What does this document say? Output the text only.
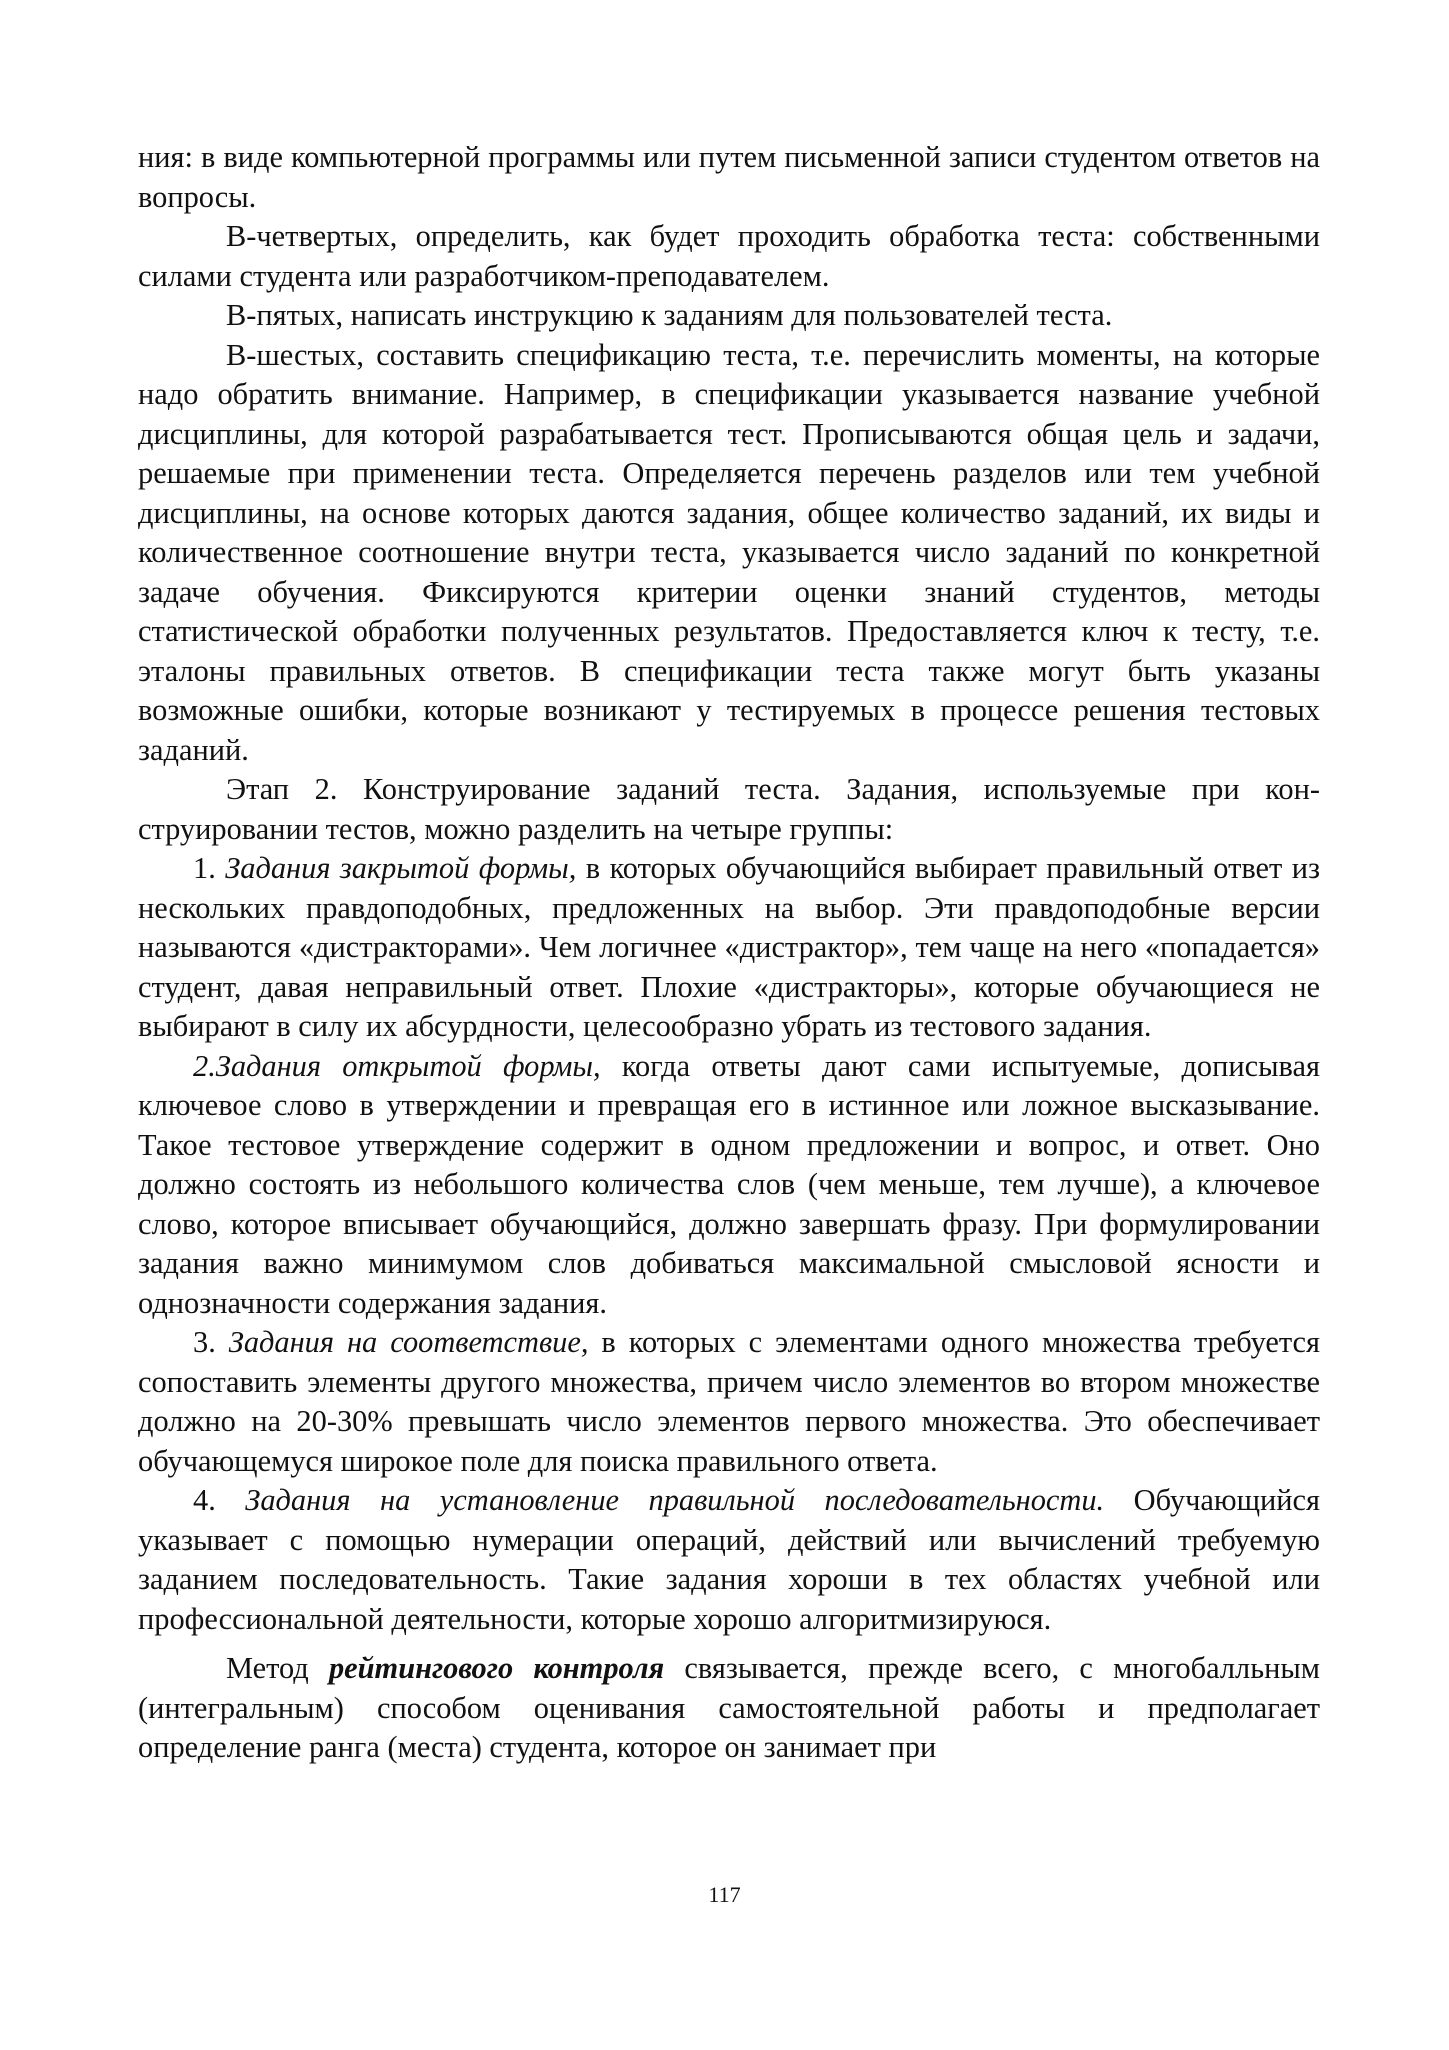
ния: в виде компьютерной программы или путем письменной записи студентом ответов на вопросы.

В-четвертых, определить, как будет проходить обработка теста: собственными силами студента или разработчиком-преподавателем.

В-пятых, написать инструкцию к заданиям для пользователей теста.

В-шестых, составить спецификацию теста, т.е. перечислить моменты, на которые надо обратить внимание. Например, в спецификации указывается название учебной дисциплины, для которой разрабатывается тест. Прописываются общая цель и задачи, решаемые при применении теста. Определяется перечень разделов или тем учебной дисциплины, на основе которых даются задания, общее количество заданий, их виды и количественное соотношение внутри теста, указывается число заданий по конкретной задаче обучения. Фиксируются критерии оценки знаний студентов, методы статистической обработки полученных результатов. Предоставляется ключ к тесту, т.е. эталоны правильных ответов. В спецификации теста также могут быть указаны возможные ошибки, которые возникают у тестируемых в процессе решения тестовых заданий.

Этап 2. Конструирование заданий теста. Задания, используемые при конструировании тестов, можно разделить на четыре группы:

1. Задания закрытой формы, в которых обучающийся выбирает правильный ответ из нескольких правдоподобных, предложенных на выбор. Эти правдоподобные версии называются «дистракторами». Чем логичнее «дистрактор», тем чаще на него «попадается» студент, давая неправильный ответ. Плохие «дистракторы», которые обучающиеся не выбирают в силу их абсурдности, целесообразно убрать из тестового задания.

2.Задания открытой формы, когда ответы дают сами испытуемые, дописывая ключевое слово в утверждении и превращая его в истинное или ложное высказывание. Такое тестовое утверждение содержит в одном предложении и вопрос, и ответ. Оно должно состоять из небольшого количества слов (чем меньше, тем лучше), а ключевое слово, которое вписывает обучающийся, должно завершать фразу. При формулировании задания важно минимумом слов добиваться максимальной смысловой ясности и однозначности содержания задания.

3. Задания на соответствие, в которых с элементами одного множества требуется сопоставить элементы другого множества, причем число элементов во втором множестве должно на 20-30% превышать число элементов первого множества. Это обеспечивает обучающемуся широкое поле для поиска правильного ответа.

4. Задания на установление правильной последовательности. Обучающийся указывает с помощью нумерации операций, действий или вычислений требуемую заданием последовательность. Такие задания хороши в тех областях учебной или профессиональной деятельности, которые хорошо алгоритмизируюся.

Метод рейтингового контроля связывается, прежде всего, с многобалльным (интегральным) способом оценивания самостоятельной работы и предполагает определение ранга (места) студента, которое он занимает при

117
